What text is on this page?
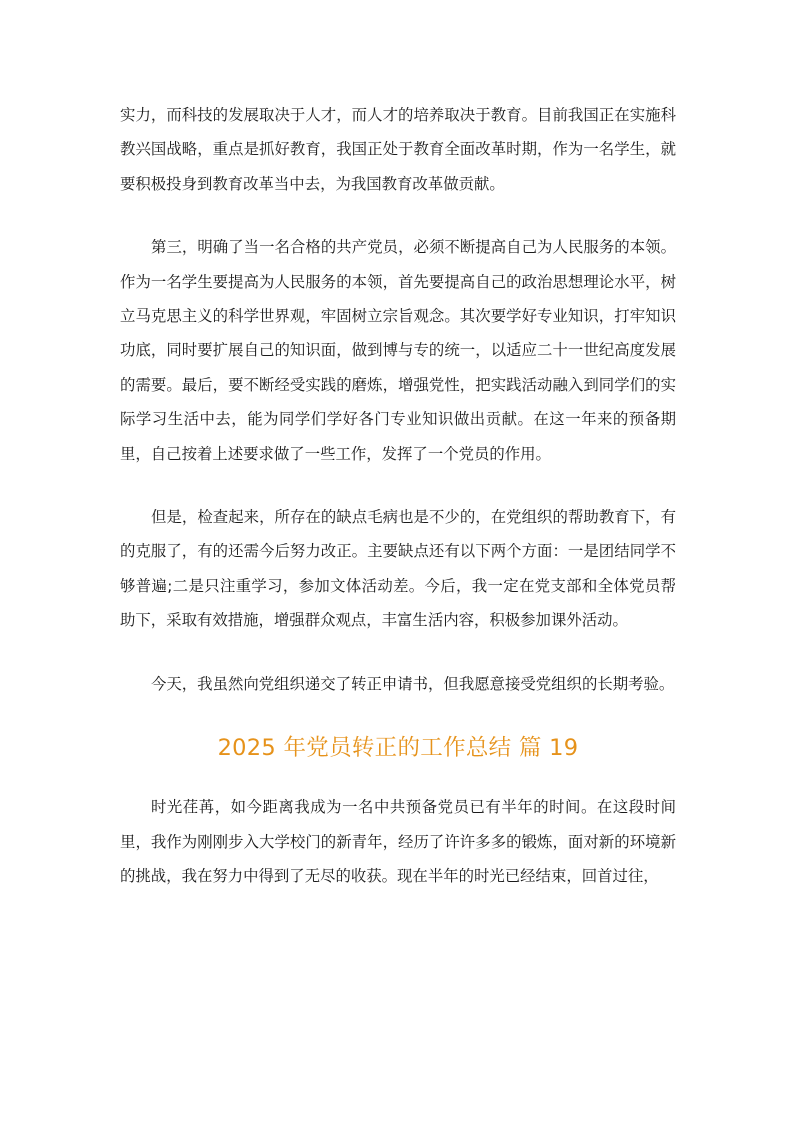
实力，而科技的发展取决于人才，而人才的培养取决于教育。目前我国正在实施科教兴国战略，重点是抓好教育，我国正处于教育全面改革时期，作为一名学生，就要积极投身到教育改革当中去，为我国教育改革做贡献。

第三，明确了当一名合格的共产党员，必须不断提高自己为人民服务的本领。作为一名学生要提高为人民服务的本领，首先要提高自己的政治思想理论水平，树立马克思主义的科学世界观，牢固树立宗旨观念。其次要学好专业知识，打牢知识功底，同时要扩展自己的知识面，做到博与专的统一，以适应二十一世纪高度发展的需要。最后，要不断经受实践的磨炼，增强党性，把实践活动融入到同学们的实际学习生活中去，能为同学们学好各门专业知识做出贡献。在这一年来的预备期里，自己按着上述要求做了一些工作，发挥了一个党员的作用。

但是，检查起来，所存在的缺点毛病也是不少的，在党组织的帮助教育下，有的克服了，有的还需今后努力改正。主要缺点还有以下两个方面：一是团结同学不够普遍;二是只注重学习，参加文体活动差。今后，我一定在党支部和全体党员帮助下，采取有效措施，增强群众观点，丰富生活内容，积极参加课外活动。

今天，我虽然向党组织递交了转正申请书，但我愿意接受党组织的长期考验。

2025 年党员转正的工作总结 篇 19

时光荏苒，如今距离我成为一名中共预备党员已有半年的时间。在这段时间里，我作为刚刚步入大学校门的新青年，经历了许许多多的锻炼，面对新的环境新的挑战，我在努力中得到了无尽的收获。现在半年的时光已经结束，回首过往，
